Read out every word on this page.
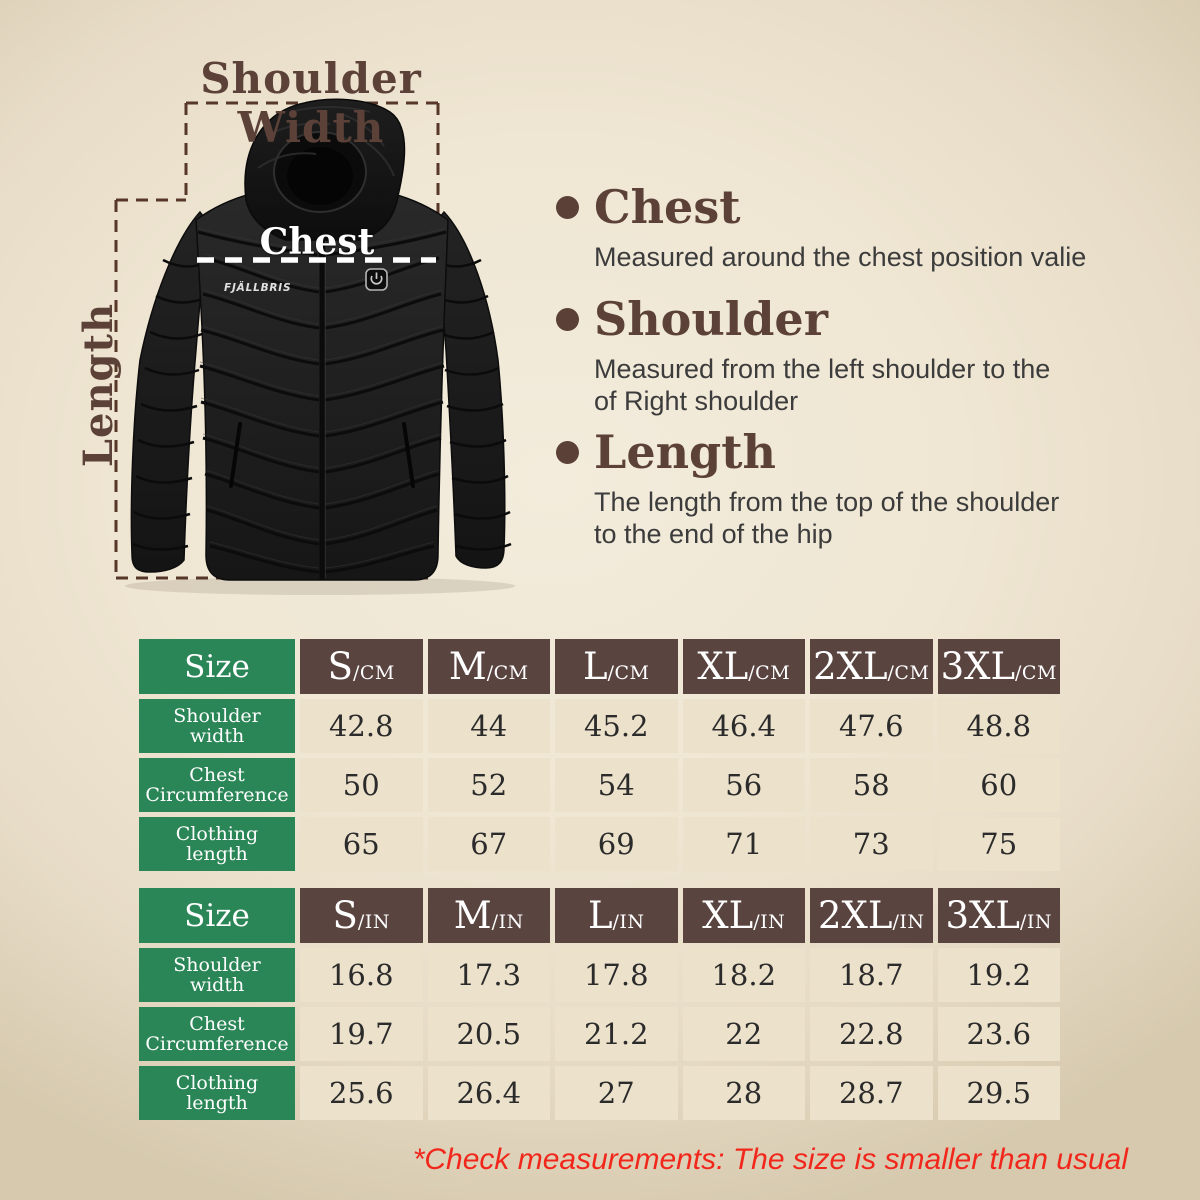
FJÄLLBRIS
Shoulder Width
Length
Chest
Chest
Measured around the chest position valie
Shoulder
Measured from the left shoulder to the
of Right shoulder
Length
The length from the top of the shoulder
to the end of the hip
Size	S/CM M/CM L/CM XL/CM 2XL/CM 3XL/CM
Shoulder
width	42.8	44	45.2	46.4	47.6	48.8
Chest
Circumference	50	52	54	56	58	60
Clothing
length	65	67	69	71	73	75
Size	S/IN M/IN L/IN XL/IN 2XL/IN 3XL/IN
Shoulder
width	16.8	17.3	17.8	18.2	18.7	19.2
Chest
Circumference	19.7	20.5	21.2	22	22.8	23.6
Clothing
length	25.6	26.4	27	28	28.7	29.5
*Check measurements: The size is smaller than usual
